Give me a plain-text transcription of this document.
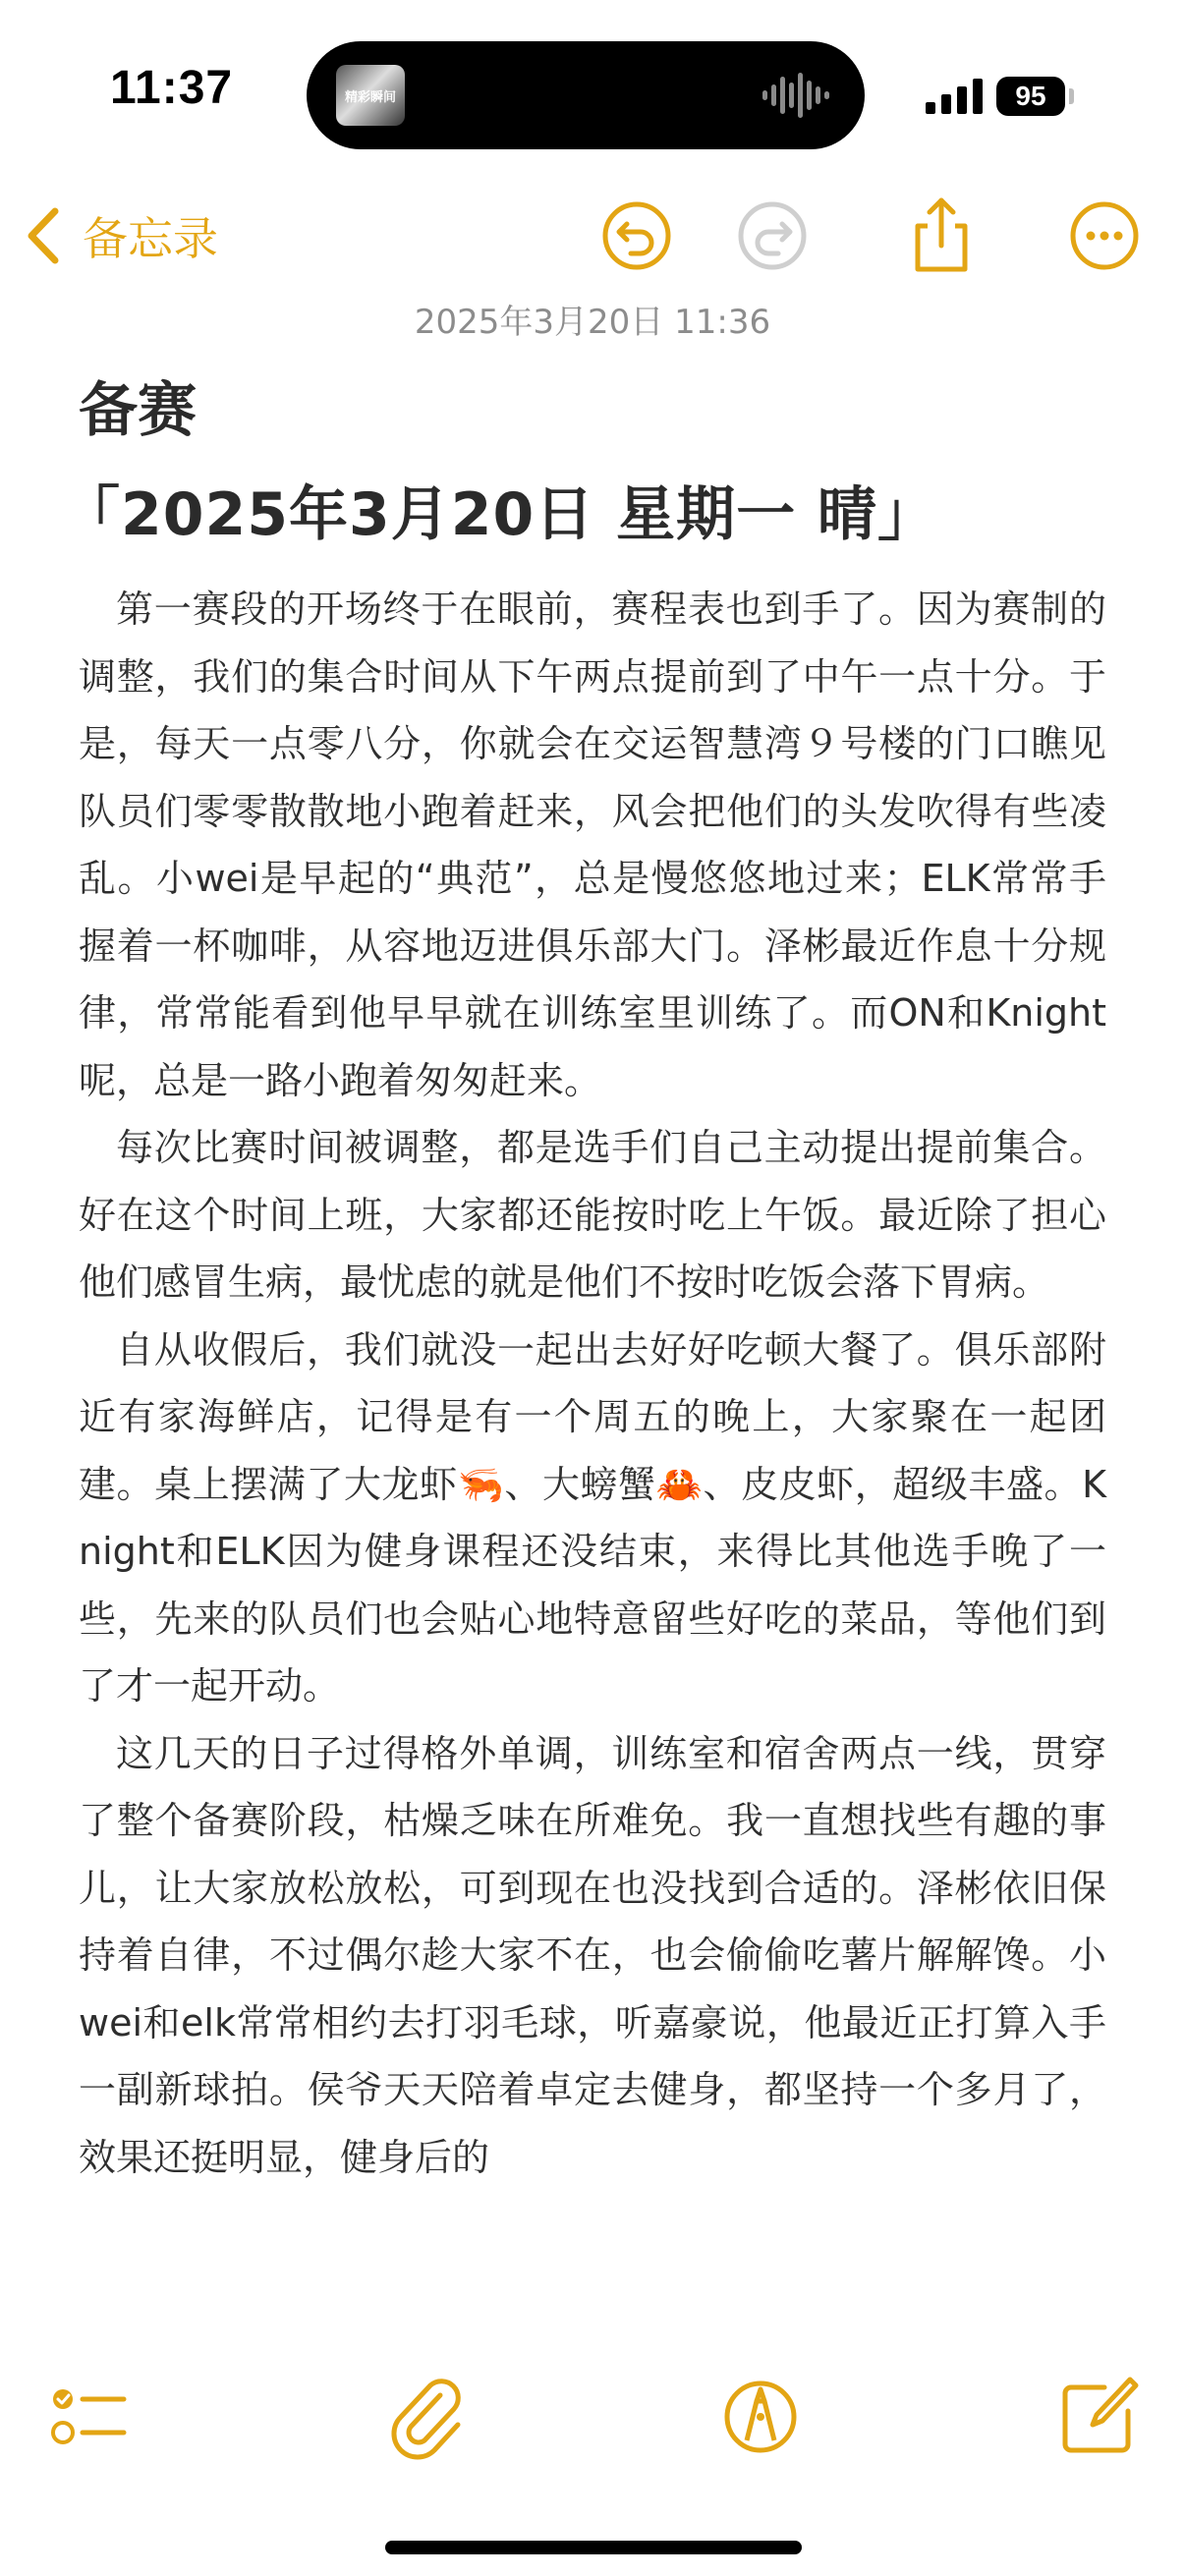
11:37	精彩瞬间	95
备忘录
2025年3月20日 11:36
备赛
「2025年3月20日 星期一 晴」

第一赛段的开场终于在眼前，赛程表也到手了。因为赛制的调整，我们的集合时间从下午两点提前到了中午一点十分。于是，每天一点零八分，你就会在交运智慧湾９号楼的门口瞧见队员们零零散散地小跑着赶来，风会把他们的头发吹得有些凌乱。小wei是早起的“典范”，总是慢悠悠地过来；ELK常常手握着一杯咖啡，从容地迈进俱乐部大门。泽彬最近作息十分规律，常常能看到他早早就在训练室里训练了。而ON和Knight呢，总是一路小跑着匆匆赶来。

每次比赛时间被调整，都是选手们自己主动提出提前集合。好在这个时间上班，大家都还能按时吃上午饭。最近除了担心他们感冒生病，最忧虑的就是他们不按时吃饭会落下胃病。

自从收假后，我们就没一起出去好好吃顿大餐了。俱乐部附近有家海鲜店，记得是有一个周五的晚上，大家聚在一起团建。桌上摆满了大龙虾🦐、大螃蟹🦀、皮皮虾，超级丰盛。Knight和ELK因为健身课程还没结束，来得比其他选手晚了一些，先来的队员们也会贴心地特意留些好吃的菜品，等他们到了才一起开动。

这几天的日子过得格外单调，训练室和宿舍两点一线，贯穿了整个备赛阶段，枯燥乏味在所难免。我一直想找些有趣的事儿，让大家放松放松，可到现在也没找到合适的。泽彬依旧保持着自律，不过偶尔趁大家不在，也会偷偷吃薯片解解馋。小wei和elk常常相约去打羽毛球，听嘉豪说，他最近正打算入手一副新球拍。侯爷天天陪着卓定去健身，都坚持一个多月了，效果还挺明显，健身后的
